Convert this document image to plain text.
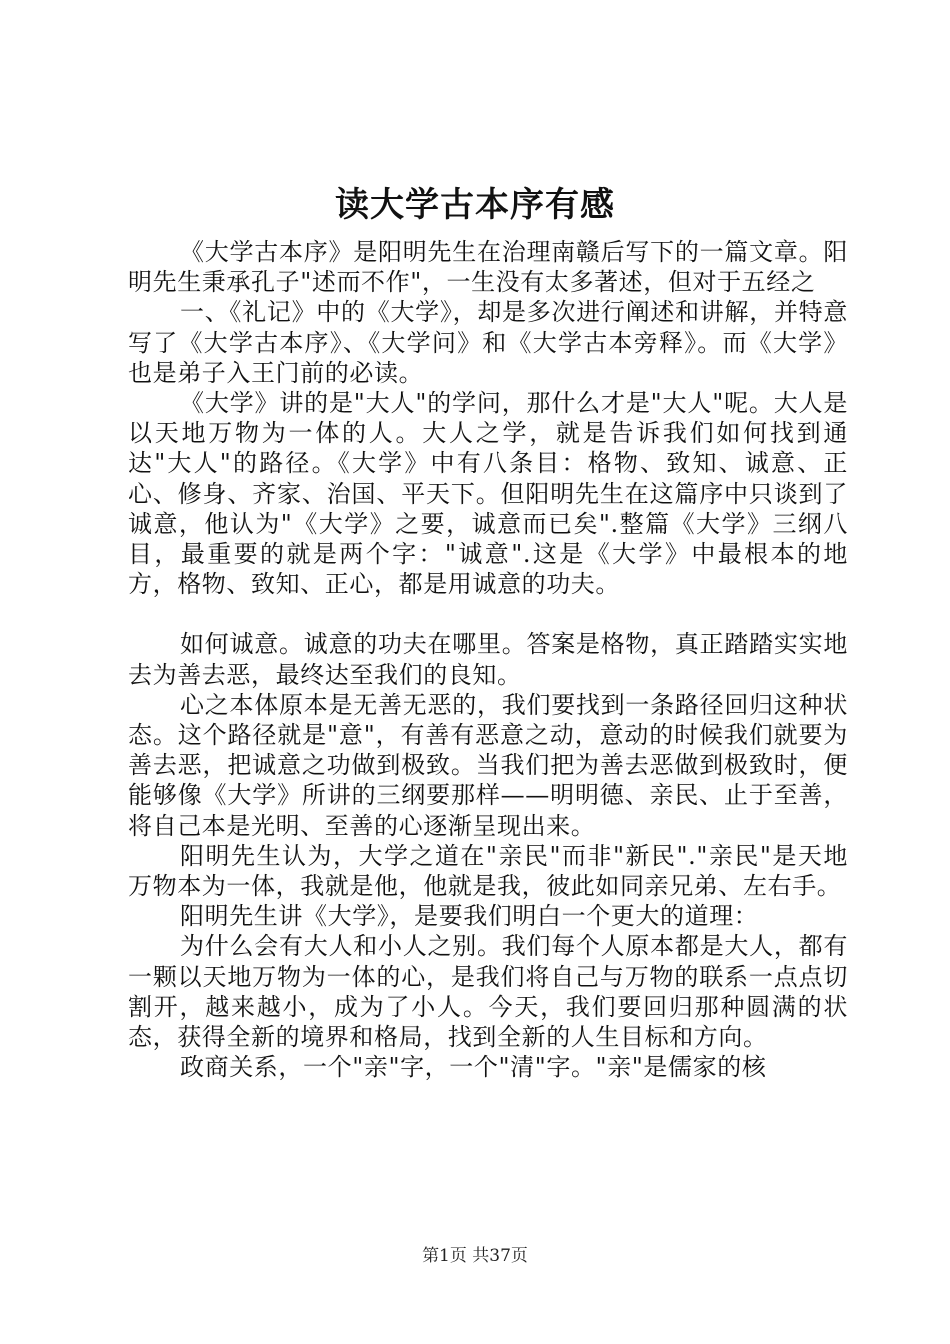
读大学古本序有感

《大学古本序》是阳明先生在治理南赣后写下的一篇文章。阳明先生秉承孔子"述而不作"，一生没有太多著述，但对于五经之

一、《礼记》中的《大学》，却是多次进行阐述和讲解，并特意写了《大学古本序》、《大学问》和《大学古本旁释》。而《大学》也是弟子入王门前的必读。

《大学》讲的是"大人"的学问，那什么才是"大人"呢。大人是以天地万物为一体的人。大人之学，就是告诉我们如何找到通达"大人"的路径。《大学》中有八条目：格物、致知、诚意、正心、修身、齐家、治国、平天下。但阳明先生在这篇序中只谈到了诚意，他认为"《大学》之要，诚意而已矣".整篇《大学》三纲八目，最重要的就是两个字："诚意".这是《大学》中最根本的地方，格物、致知、正心，都是用诚意的功夫。

如何诚意。诚意的功夫在哪里。答案是格物，真正踏踏实实地去为善去恶，最终达至我们的良知。

心之本体原本是无善无恶的，我们要找到一条路径回归这种状态。这个路径就是"意"，有善有恶意之动，意动的时候我们就要为善去恶，把诚意之功做到极致。当我们把为善去恶做到极致时，便能够像《大学》所讲的三纲要那样——明明德、亲民、止于至善，将自己本是光明、至善的心逐渐呈现出来。

阳明先生认为，大学之道在"亲民"而非"新民"."亲民"是天地万物本为一体，我就是他，他就是我，彼此如同亲兄弟、左右手。

阳明先生讲《大学》，是要我们明白一个更大的道理：

为什么会有大人和小人之别。我们每个人原本都是大人，都有一颗以天地万物为一体的心，是我们将自己与万物的联系一点点切割开，越来越小，成为了小人。今天，我们要回归那种圆满的状态，获得全新的境界和格局，找到全新的人生目标和方向。

政商关系，一个"亲"字，一个"清"字。"亲"是儒家的核

第1页 共37页
